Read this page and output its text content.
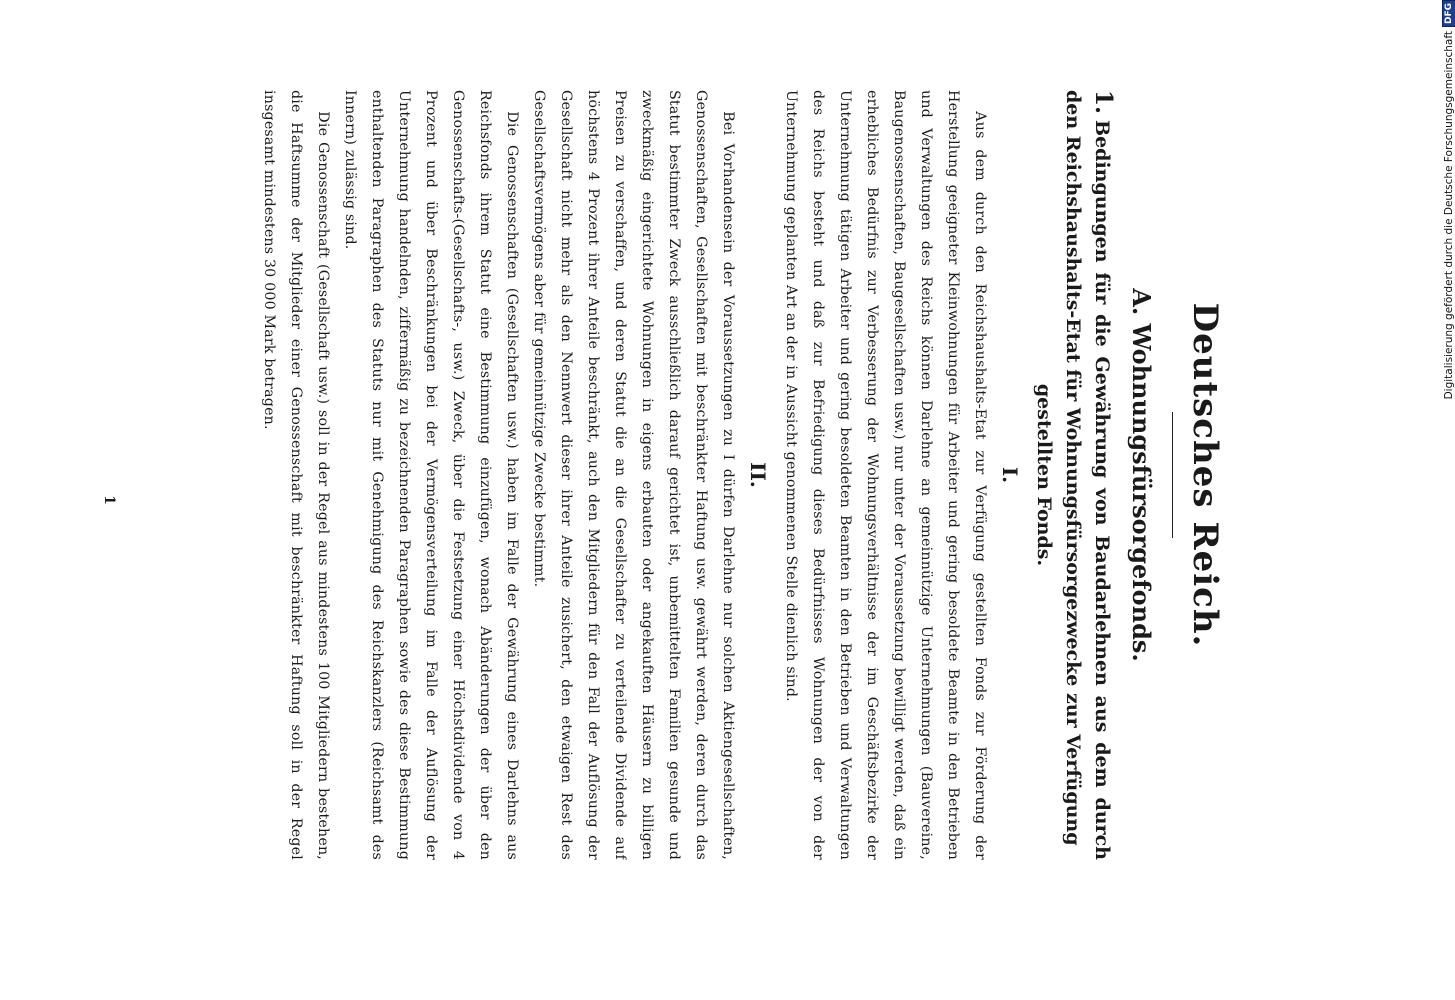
Deutsches Reich.
A. Wohnungsfürsorgefonds.

1.Bedingungen für die Gewährung von Baudarlehnen aus dem durch den Reichshaushalts-Etat für Wohnungsfürsorgezwecke zur Verfügung

gestellten Fonds.

I.

Aus dem durch den Reichshaushalts-Etat zur Verfügung gestellten Fonds zur Förderung der Herstellung geeigneter Kleinwohnungen für Arbeiter und gering besoldete Beamte in den Betrieben und Verwaltungen des Reichs können Darlehne an gemeinnützige Unternehmungen (Bauvereine, Baugenossenschaften, Baugesellschaften usw.) nur unter der Voraussetzung bewilligt werden, daß ein erhebliches Bedürfnis zur Verbesserung der Wohnungsverhältnisse der im Geschäftsbezirke der Unternehmung tätigen Arbeiter und gering besoldeten Beamten in den Betrieben und Verwaltungen des Reichs besteht und daß zur Befriedigung dieses Bedürfnisses Wohnungen der von der Unternehmung geplanten Art an der in Aussicht genommenen Stelle dienlich sind.

II.

Bei Vorhandensein der Voraussetzungen zu I dürfen Darlehne nur solchen Aktiengesellschaften, Genossenschaften, Gesellschaften mit beschränkter Haftung usw. gewährt werden, deren durch das Statut bestimmter Zweck ausschließlich darauf gerichtet ist, unbemittelten Familien gesunde und zweckmäßig eingerichtete Wohnungen in eigens erbauten oder angekauften Häusern zu billigen Preisen zu verschaffen, und deren Statut die an die Gesellschafter zu verteilende Dividende auf höchstens 4 Prozent ihrer Anteile beschränkt, auch den Mitgliedern für den Fall der Auflösung der Gesellschaft nicht mehr als den Nennwert dieser ihrer Anteile zusichert, den etwaigen Rest des Gesellschaftsvermögens aber für gemeinnützige Zwecke bestimmt.

Die Genossenschaften (Gesellschaften usw.) haben im Falle der Gewährung eines Darlehns aus Reichsfonds ihrem Statut eine Bestimmung einzufügen, wonach Abänderungen der über den Genossenschafts-(Gesellschafts-, usw.) Zweck, über die Festsetzung einer Höchstdividende von 4 Prozent und über Beschränkungen bei der Vermögensverteilung im Falle der Auflösung der Unternehmung handelnden, ziffermäßig zu bezeichnenden Paragraphen sowie des diese Bestimmung enthaltenden Paragraphen des Statuts nur mit Genehmigung des Reichskanzlers (Reichsamt des Innern) zulässig sind.

Die Genossenschaft (Gesellschaft usw.) soll in der Regel aus mindestens 100 Mitgliedern bestehen, die Haftsumme der Mitglieder einer Genossenschaft mit beschränkter Haftung soll in der Regel insgesamt mindestens 30 000 Mark betragen.

1
Digitalisierung gefördert durch die Deutsche Forschungsgemeinschaft
DFG
